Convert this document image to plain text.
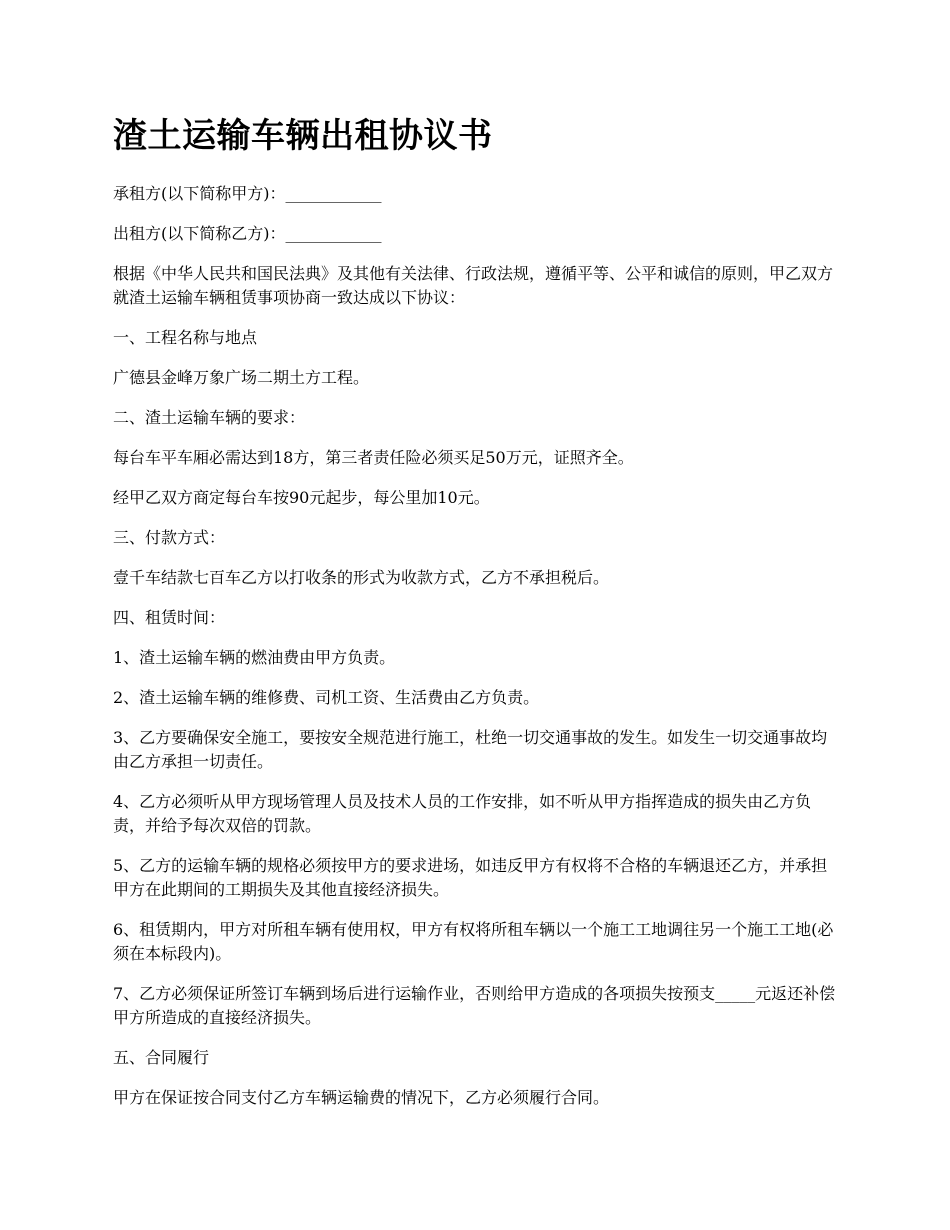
渣土运输车辆出租协议书

承租方(以下简称甲方)：____________

出租方(以下简称乙方)：____________

根据《中华人民共和国民法典》及其他有关法律、行政法规，遵循平等、公平和诚信的原则，甲乙双方就渣土运输车辆租赁事项协商一致达成以下协议：

一、工程名称与地点

广德县金峰万象广场二期土方工程。

二、渣土运输车辆的要求：

每台车平车厢必需达到18方，第三者责任险必须买足50万元，证照齐全。

经甲乙双方商定每台车按90元起步，每公里加10元。

三、付款方式：

壹千车结款七百车乙方以打收条的形式为收款方式，乙方不承担税后。

四、租赁时间：

1、渣土运输车辆的燃油费由甲方负责。

2、渣土运输车辆的维修费、司机工资、生活费由乙方负责。

3、乙方要确保安全施工，要按安全规范进行施工，杜绝一切交通事故的发生。如发生一切交通事故均由乙方承担一切责任。

4、乙方必须听从甲方现场管理人员及技术人员的工作安排，如不听从甲方指挥造成的损失由乙方负责，并给予每次双倍的罚款。

5、乙方的运输车辆的规格必须按甲方的要求进场，如违反甲方有权将不合格的车辆退还乙方，并承担甲方在此期间的工期损失及其他直接经济损失。

6、租赁期内，甲方对所租车辆有使用权，甲方有权将所租车辆以一个施工工地调往另一个施工工地(必须在本标段内)。

7、乙方必须保证所签订车辆到场后进行运输作业，否则给甲方造成的各项损失按预支_____元返还补偿甲方所造成的直接经济损失。

五、合同履行

甲方在保证按合同支付乙方车辆运输费的情况下，乙方必须履行合同。
